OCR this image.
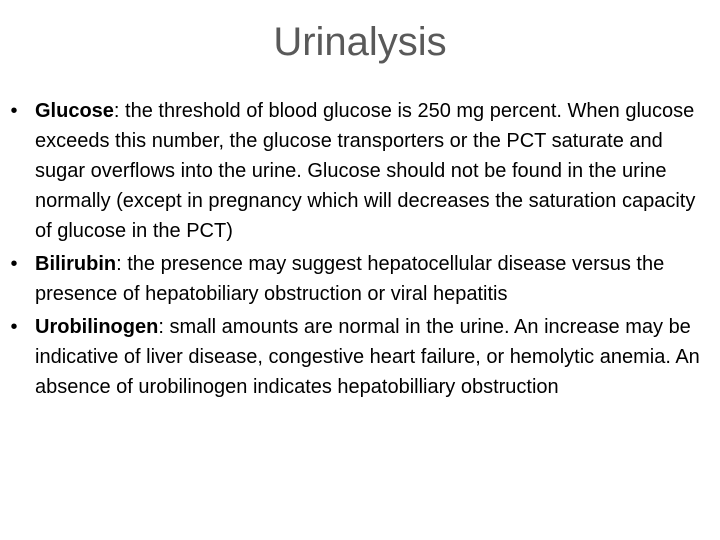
Urinalysis
• Glucose: the threshold of blood glucose is 250 mg percent. When glucose exceeds this number, the glucose transporters or the PCT saturate and sugar overflows into the urine. Glucose should not be found in the urine normally (except in pregnancy which will decreases the saturation capacity of glucose in the PCT)
• Bilirubin: the presence may suggest hepatocellular disease versus the presence of hepatobiliary obstruction or viral hepatitis
• Urobilinogen: small amounts are normal in the urine. An increase may be indicative of liver disease, congestive heart failure, or hemolytic anemia. An absence of urobilinogen indicates hepatobilliary obstruction
